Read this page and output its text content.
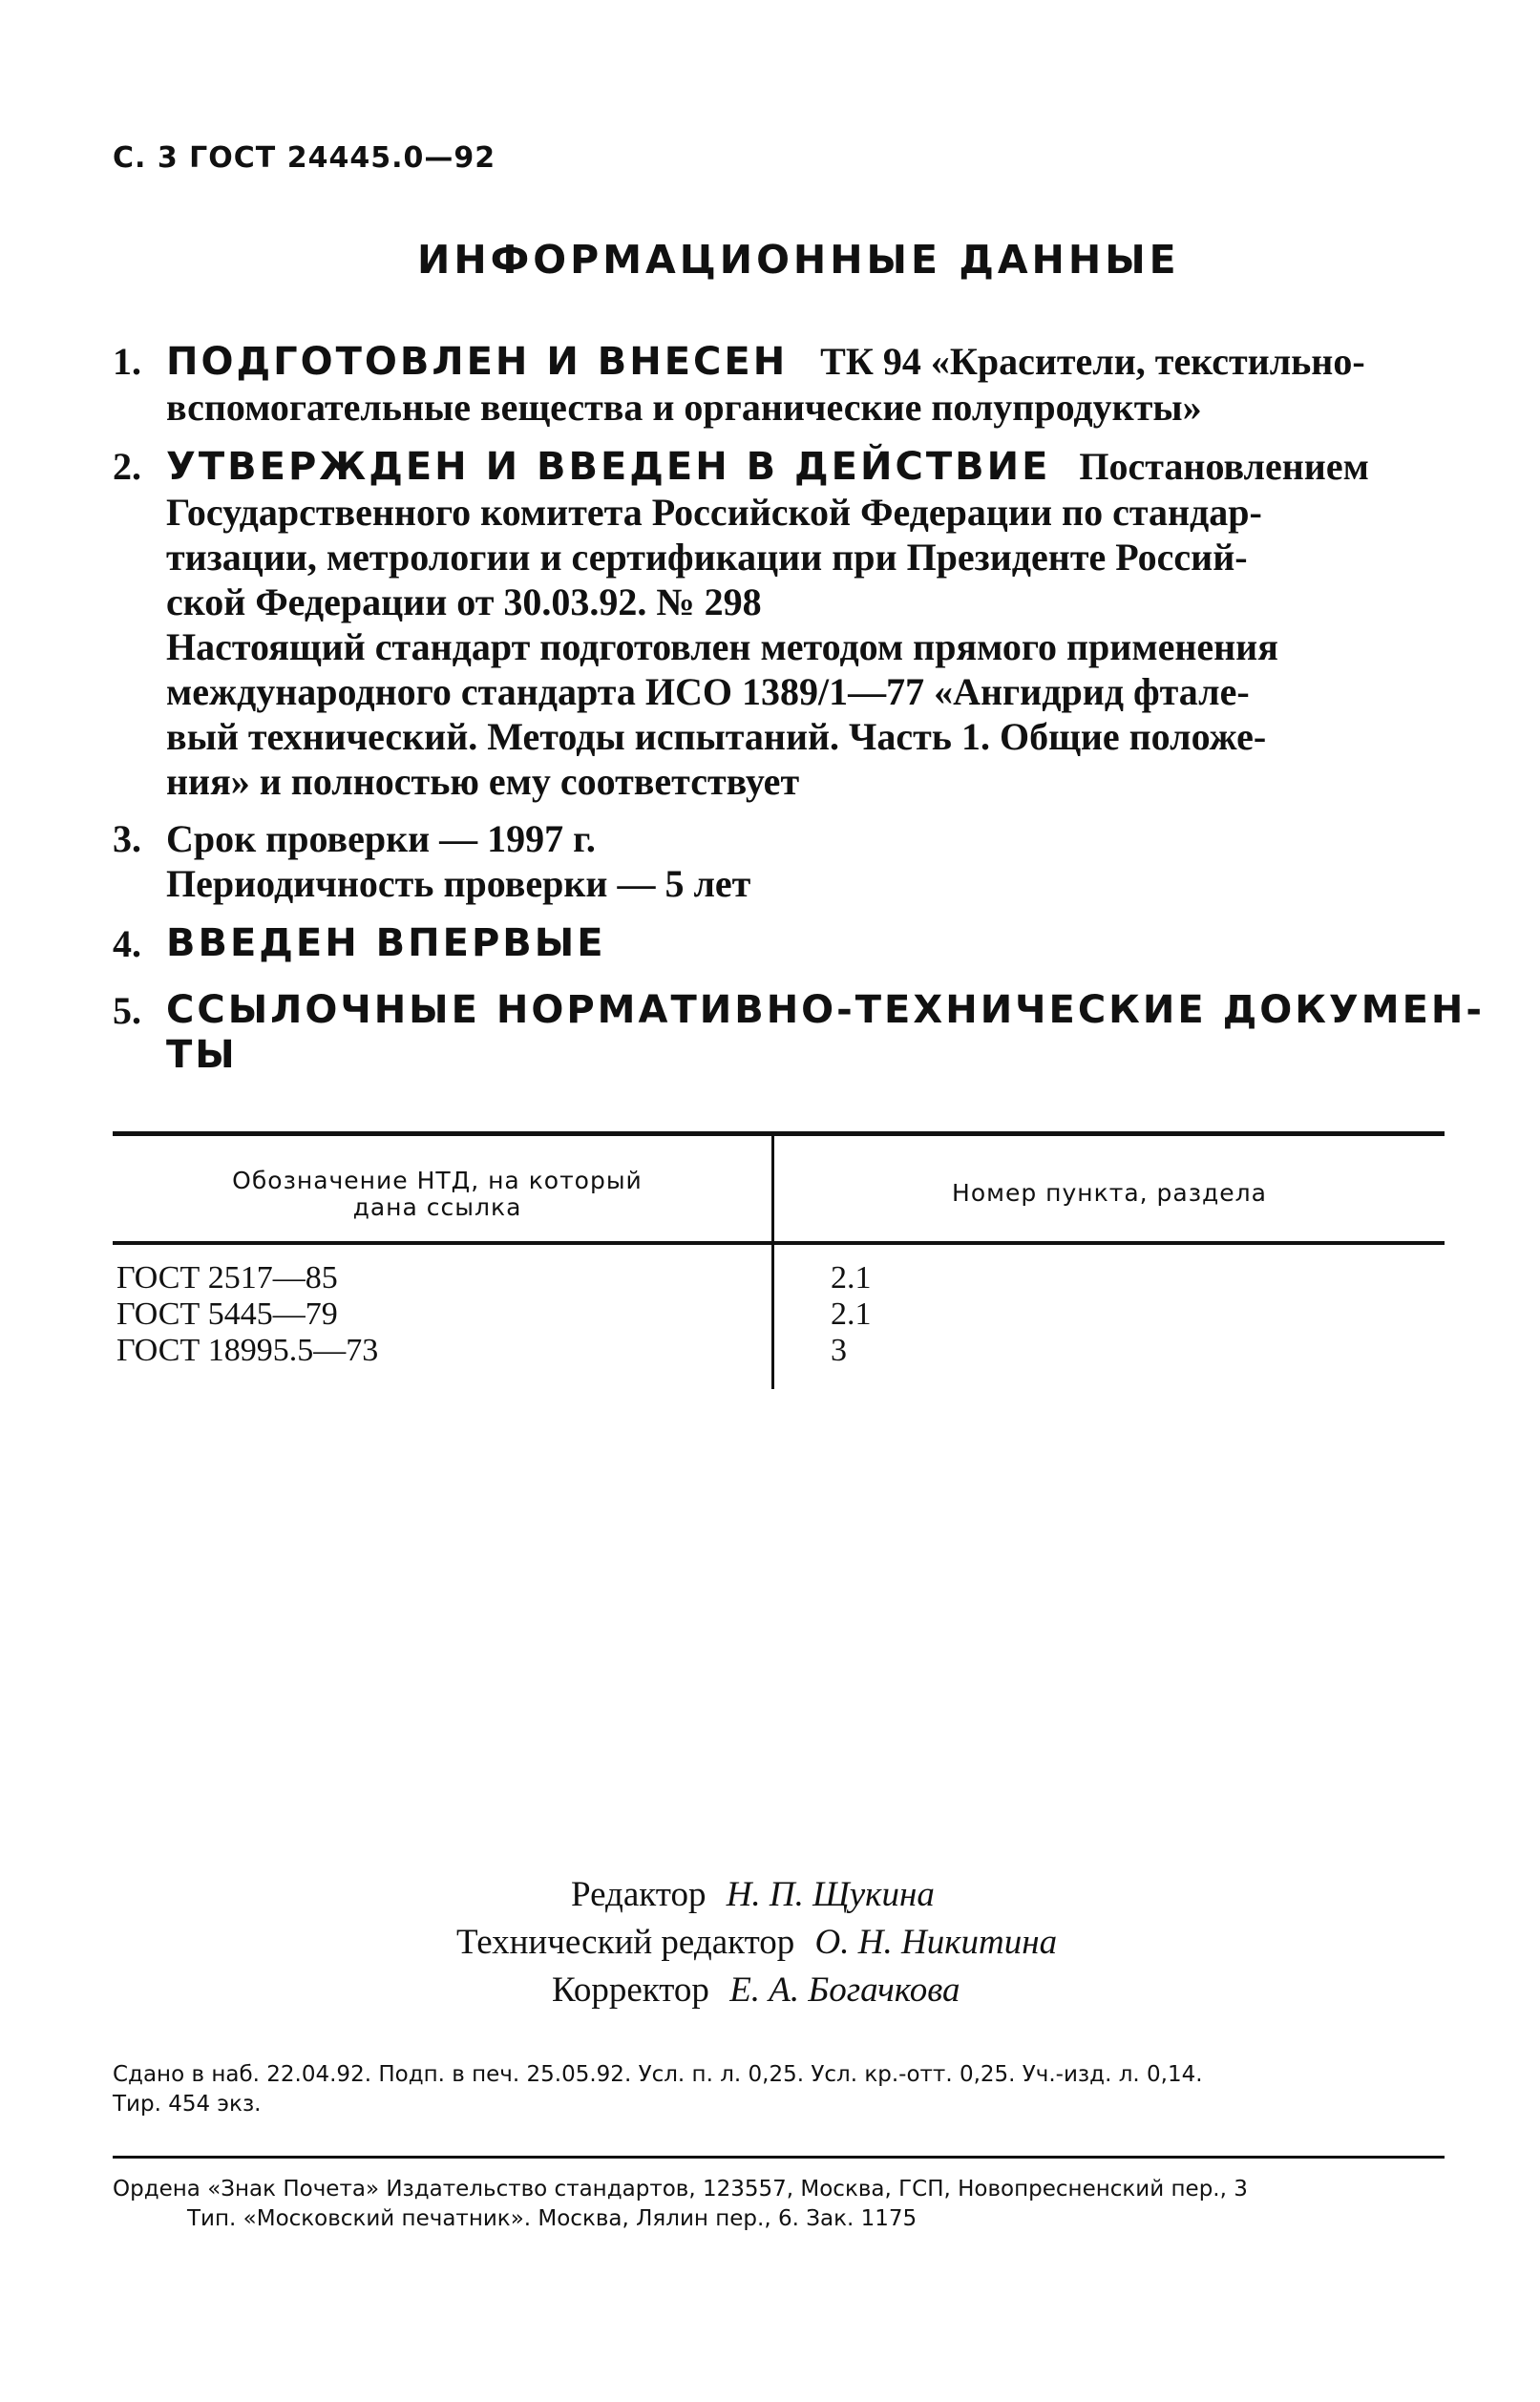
С. 3 ГОСТ 24445.0—92
ИНФОРМАЦИОННЫЕ ДАННЫЕ
1. ПОДГОТОВЛЕН И ВНЕСЕН ТК 94 «Красители, текстильно-
вспомогательные вещества и органические полупродукты»
2. УТВЕРЖДЕН И ВВЕДЕН В ДЕЙСТВИЕ Постановлением
Государственного комитета Российской Федерации по стандар-
тизации, метрологии и сертификации при Президенте Россий-
ской Федерации от 30.03.92. № 298
Настоящий стандарт подготовлен методом прямого применения
международного стандарта ИСО 1389/1—77 «Ангидрид фтале-
вый технический. Методы испытаний. Часть 1. Общие положе-
ния» и полностью ему соответствует
3. Срок проверки — 1997 г.
Периодичность проверки — 5 лет
4. ВВЕДЕН ВПЕРВЫЕ
5. ССЫЛОЧНЫЕ НОРМАТИВНО-ТЕХНИЧЕСКИЕ ДОКУМЕН-
ТЫ
Обозначение НТД, на который
дана ссылка
Номер пункта, раздела
ГОСТ 2517—85
ГОСТ 5445—79
ГОСТ 18995.5—73
2.1
2.1
3
Редактор Н. П. Щукина
Технический редактор О. Н. Никитина
Корректор Е. А. Богачкова
Сдано в наб. 22.04.92. Подп. в печ. 25.05.92. Усл. п. л. 0,25. Усл. кр.-отт. 0,25. Уч.-изд. л. 0,14.
Тир. 454 экз.
Ордена «Знак Почета» Издательство стандартов, 123557, Москва, ГСП, Новопресненский пер., 3
Тип. «Московский печатник». Москва, Лялин пер., 6. Зак. 1175
